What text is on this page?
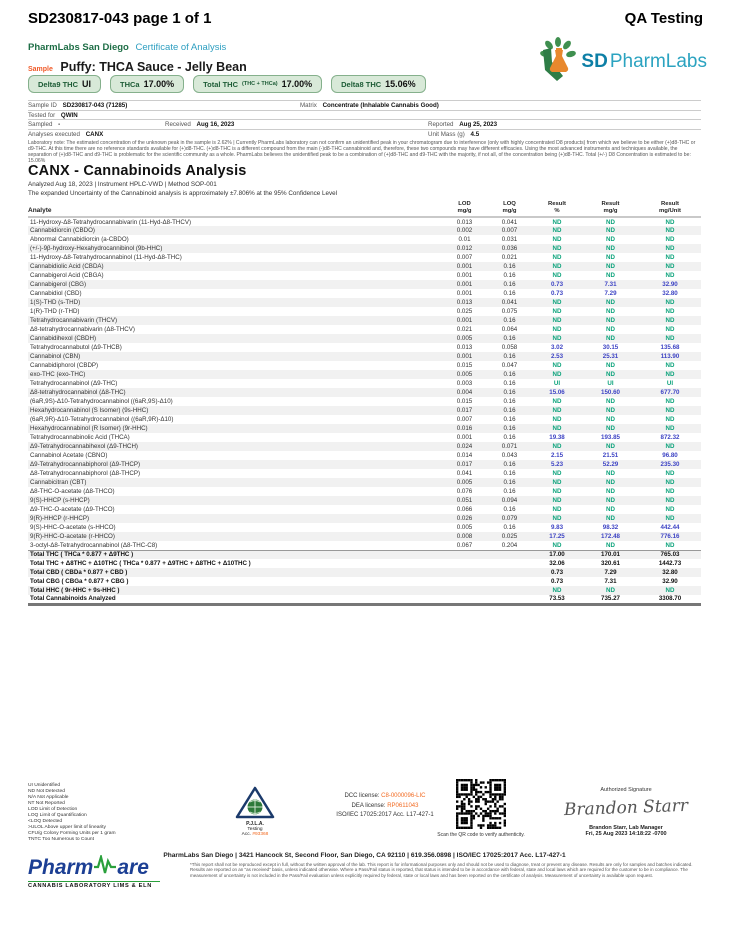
SD230817-043 page 1 of 1	QA Testing
PharmLabs San Diego Certificate of Analysis
Sample Puffy: THCA Sauce - Jelly Bean
Delta9 THC UI	THCa 17.00%	Total THC (THC + THCa) 17.00%	Delta8 THC 15.06%
SD PharmLabs
Sample ID SD230817-043 (71285)	Matrix Concentrate (Inhalable Cannabis Good)
Tested for QWIN
Sampled -	Received Aug 16, 2023	Reported Aug 25, 2023
Analyses executed CANX	Unit Mass (g) 4.5
Laboratory note: The estimated concentration of the unknown peak in the sample is 2.62% | Currently PharmLabs laboratory can not confirm an unidentified peak in your chromatogram due to interference (only with highly concentrated D8 products) from which we believe to be either (+)d8-THC or d9-THC. At this time there are no reference standards available for (+)d8-THC. (+)d8-THC is a different compound from the main (-)d8-THC cannabinoid and, therefore, these two compounds may have different efficacies. Using the most advanced instruments and techniques available, the separation of (+)d8-THC and d9-THC is problematic for the scientific community as a whole. PharmLabs believes the unidentified peak to be a combination of (+)d8-THC and d9-THC with the majority, if not all, of the concentration being (+)d8-THC. Total (+/-) D8 Concentration is estimated to be: 15.06%
CANX - Cannabinoids Analysis
Analyzed Aug 18, 2023 | Instrument HPLC-VWD | Method SOP-001
The expanded Uncertainty of the Cannabinoid analysis is approximately ±7.806% at the 95% Confidence Level
Analyte	
LOD
mg/g

LOQ
mg/g

Result
%

Result
mg/g

Result
mg/Unit

11-Hydroxy-Δ8-Tetrahydrocannabivarin (11-Hyd-Δ8-THCV)	0.013	0.041	ND	ND	ND
Cannabidiorcin (CBDO)	0.002	0.007	ND	ND	ND
Abnormal Cannabidiorcin (a-CBDO)	0.01	0.031	ND	ND	ND
(+/-)-9β-hydroxy-Hexahydrocannibinol (9b-HHC)	0.012	0.036	ND	ND	ND
11-Hydroxy-Δ8-Tetrahydrocannabinol (11-Hyd-Δ8-THC)	0.007	0.021	ND	ND	ND
Cannabidiolic Acid (CBDA)	0.001	0.16	ND	ND	ND
Cannabigerol Acid (CBGA)	0.001	0.16	ND	ND	ND
Cannabigerol (CBG)	0.001	0.16	0.73	7.31	32.90
Cannabidiol (CBD)	0.001	0.16	0.73	7.29	32.80
1(S)-THD (s-THD)	0.013	0.041	ND	ND	ND
1(R)-THD (r-THD)	0.025	0.075	ND	ND	ND
Tetrahydrocannabivarin (THCV)	0.001	0.16	ND	ND	ND
Δ8-tetrahydrocannabivarin (Δ8-THCV)	0.021	0.064	ND	ND	ND
Cannabidihexol (CBDH)	0.005	0.16	ND	ND	ND
Tetrahydrocannabutol (Δ9-THCB)	0.013	0.058	3.02	30.15	135.68
Cannabinol (CBN)	0.001	0.16	2.53	25.31	113.90
Cannabidiphorol (CBDP)	0.015	0.047	ND	ND	ND
exo-THC (exo-THC)	0.005	0.16	ND	ND	ND
Tetrahydrocannabinol (Δ9-THC)	0.003	0.16	UI	UI	UI
Δ8-tetrahydrocannabinol (Δ8-THC)	0.004	0.16	15.06	150.60	677.70
(6aR,9S)-Δ10-Tetrahydrocannabinol ((6aR,9S)-Δ10)	0.015	0.16	ND	ND	ND
Hexahydrocannabinol (S Isomer) (9s-HHC)	0.017	0.16	ND	ND	ND
(6aR,9R)-Δ10-Tetrahydrocannabinol ((6aR,9R)-Δ10)	0.007	0.16	ND	ND	ND
Hexahydrocannabinol (R Isomer) (9r-HHC)	0.016	0.16	ND	ND	ND
Tetrahydrocannabinolic Acid (THCA)	0.001	0.16	19.38	193.85	872.32
Δ9-Tetrahydrocannabihexol (Δ9-THCH)	0.024	0.071	ND	ND	ND
Cannabinol Acetate (CBNO)	0.014	0.043	2.15	21.51	96.80
Δ9-Tetrahydrocannabiphorol (Δ9-THCP)	0.017	0.16	5.23	52.29	235.30
Δ8-Tetrahydrocannabiphorol (Δ8-THCP)	0.041	0.16	ND	ND	ND
Cannabicitran (CBT)	0.005	0.16	ND	ND	ND
Δ8-THC-O-acetate (Δ8-THCO)	0.076	0.16	ND	ND	ND
9(S)-HHCP (s-HHCP)	0.051	0.094	ND	ND	ND
Δ9-THC-O-acetate (Δ9-THCO)	0.066	0.16	ND	ND	ND
9(R)-HHCP (r-HHCP)	0.026	0.079	ND	ND	ND
9(S)-HHC-O-acetate (s-HHCO)	0.005	0.16	9.83	98.32	442.44
9(R)-HHC-O-acetate (r-HHCO)	0.008	0.025	17.25	172.48	776.16
3-octyl-Δ8-Tetrahydrocannabinol (Δ8-THC-C8)	0.067	0.204	ND	ND	ND
Total THC ( THCa * 0.877 + Δ9THC )			17.00	170.01	765.03
Total THC + Δ8THC + Δ10THC ( THCa * 0.877 + Δ9THC + Δ8THC + Δ10THC )			32.06	320.61	1442.73
Total CBD ( CBDa * 0.877 + CBD )			0.73	7.29	32.80
Total CBG ( CBGa * 0.877 + CBG )			0.73	7.31	32.90
Total HHC ( 9r-HHC + 9s-HHC )			ND	ND	ND
Total Cannabinoids Analyzed			73.53	735.27	3308.70
UI Unidentified
ND Not Detected
N/A Not Applicable
NT Not Reported
LOD Limit of Detection
LOQ Limit of Quantification
<LOQ Detected
>ULOL Above upper limit of linearity
CFU/g Colony Forming Units per 1 gram
TNTC Too Numerous to Count
P.J.L.A.
Testing
Acc. #93368
DCC license: C8-0000096-LIC
DEA license: RP0611043
ISO/IEC 17025:2017 Acc. L17-427-1
Scan the QR code to verify authenticity.
Authorized Signature
Brandon Starr
Brandon Starr, Lab Manager
Fri, 25 Aug 2023 14:18:22 -0700
PharmLabs San Diego | 3421 Hancock St, Second Floor, San Diego, CA 92110 | 619.356.0898 | ISO/IEC 17025:2017 Acc. L17-427-1
*This report shall not be reproduced except in full, without the written approval of the lab. This report is for informational purposes only and should not be used to diagnose, treat or prevent any disease. Results are only for samples and batches indicated. Results are reported on an "as received" basis, unless indicated otherwise. Where a Pass/Fail status is reported, that status is intended to be in accordance with federal, state and local laws which are required for the customer to be in compliance. The measurement of uncertainty is not included in the Pass/Fail evaluation unless explicitly required by federal, state or local laws and has been reported on the certificate of analysis. Measurement of uncertainty is available upon request.
Pharm are
CANNABIS LABORATORY LIMS & ELN
